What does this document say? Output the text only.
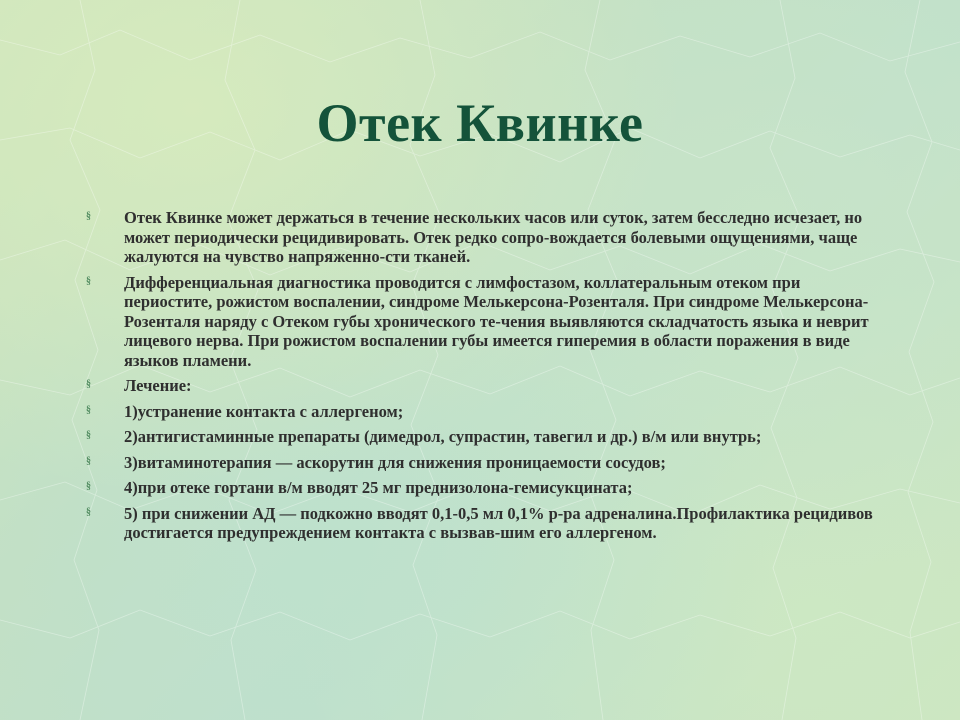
Отек Квинке
§	Отек Квинке может держаться в течение нескольких часов или суток, затем бесследно исчезает, но может периодически рецидивировать. Отек редко сопро-вождается болевыми ощущениями, чаще жалуются на чувство напряженно-сти тканей.
§	Дифференциальная диагностика проводится с лимфостазом, коллатеральным отеком при периостите, рожистом воспалении, синдроме Мелькерсона-Розенталя. При синдроме Мелькерсона-Розенталя наряду с Отеком губы хронического те-чения выявляются складчатость языка и неврит лицевого нерва. При рожистом воспалении губы имеется гиперемия в области поражения в виде языков пламени.
§	Лечение:
§	1)устранение контакта с аллергеном;
§	2)антигистаминные препараты (димедрол, супрастин, тавегил и др.) в/м или внутрь;
§	3)витаминотерапия — аскорутин для снижения проницаемости сосудов;
§	4)при отеке гортани в/м вводят 25 мг преднизолона-гемисукцината;
§	5) при снижении АД — подкожно вводят 0,1-0,5 мл 0,1% р-ра адреналина.Профилактика рецидивов достигается предупреждением контакта с вызвав-шим его аллергеном.
